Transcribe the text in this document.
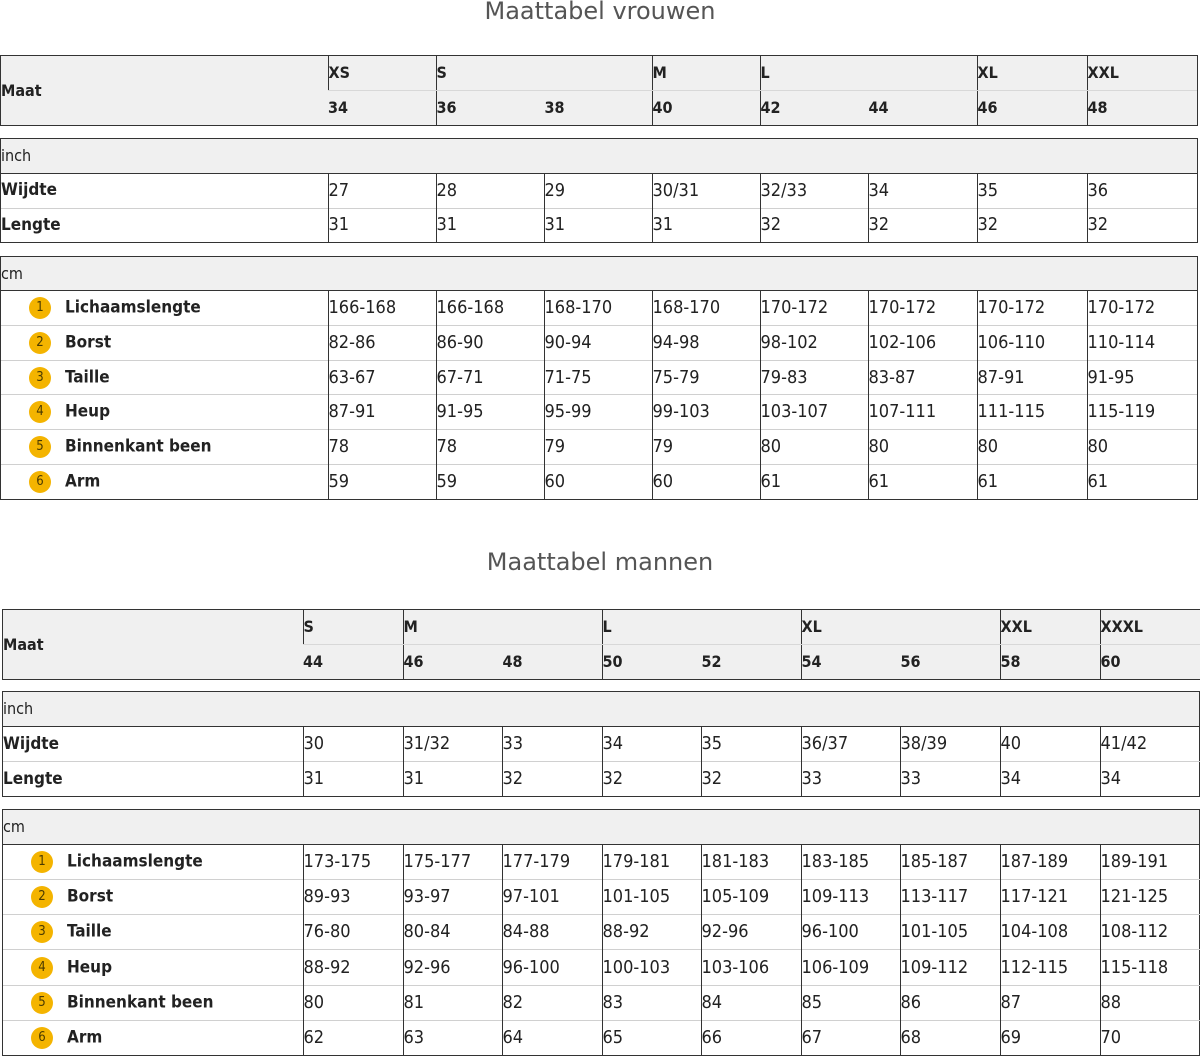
Maattabel vrouwen
Maat	XS	S		M	L		XL	XXL
	34	36	38	40	42	44	46	48
inch
Wijdte	27	28	29	30/31	32/33	34	35	36
Lengte	31	31	31	31	32	32	32	32
cm
1 Lichaamslengte	166-168	166-168	168-170	168-170	170-172	170-172	170-172	170-172
2 Borst	82-86	86-90	90-94	94-98	98-102	102-106	106-110	110-114
3 Taille	63-67	67-71	71-75	75-79	79-83	83-87	87-91	91-95
4 Heup	87-91	91-95	95-99	99-103	103-107	107-111	111-115	115-119
5 Binnenkant been	78	78	79	79	80	80	80	80
6 Arm	59	59	60	60	61	61	61	61
Maattabel mannen
Maat	S	M		L		XL		XXL	XXXL
	44	46	48	50	52	54	56	58	60
inch
Wijdte	30	31/32	33	34	35	36/37	38/39	40	41/42
Lengte	31	31	32	32	32	33	33	34	34
cm
1 Lichaamslengte	173-175	175-177	177-179	179-181	181-183	183-185	185-187	187-189	189-191
2 Borst	89-93	93-97	97-101	101-105	105-109	109-113	113-117	117-121	121-125
3 Taille	76-80	80-84	84-88	88-92	92-96	96-100	101-105	104-108	108-112
4 Heup	88-92	92-96	96-100	100-103	103-106	106-109	109-112	112-115	115-118
5 Binnenkant been	80	81	82	83	84	85	86	87	88
6 Arm	62	63	64	65	66	67	68	69	70
